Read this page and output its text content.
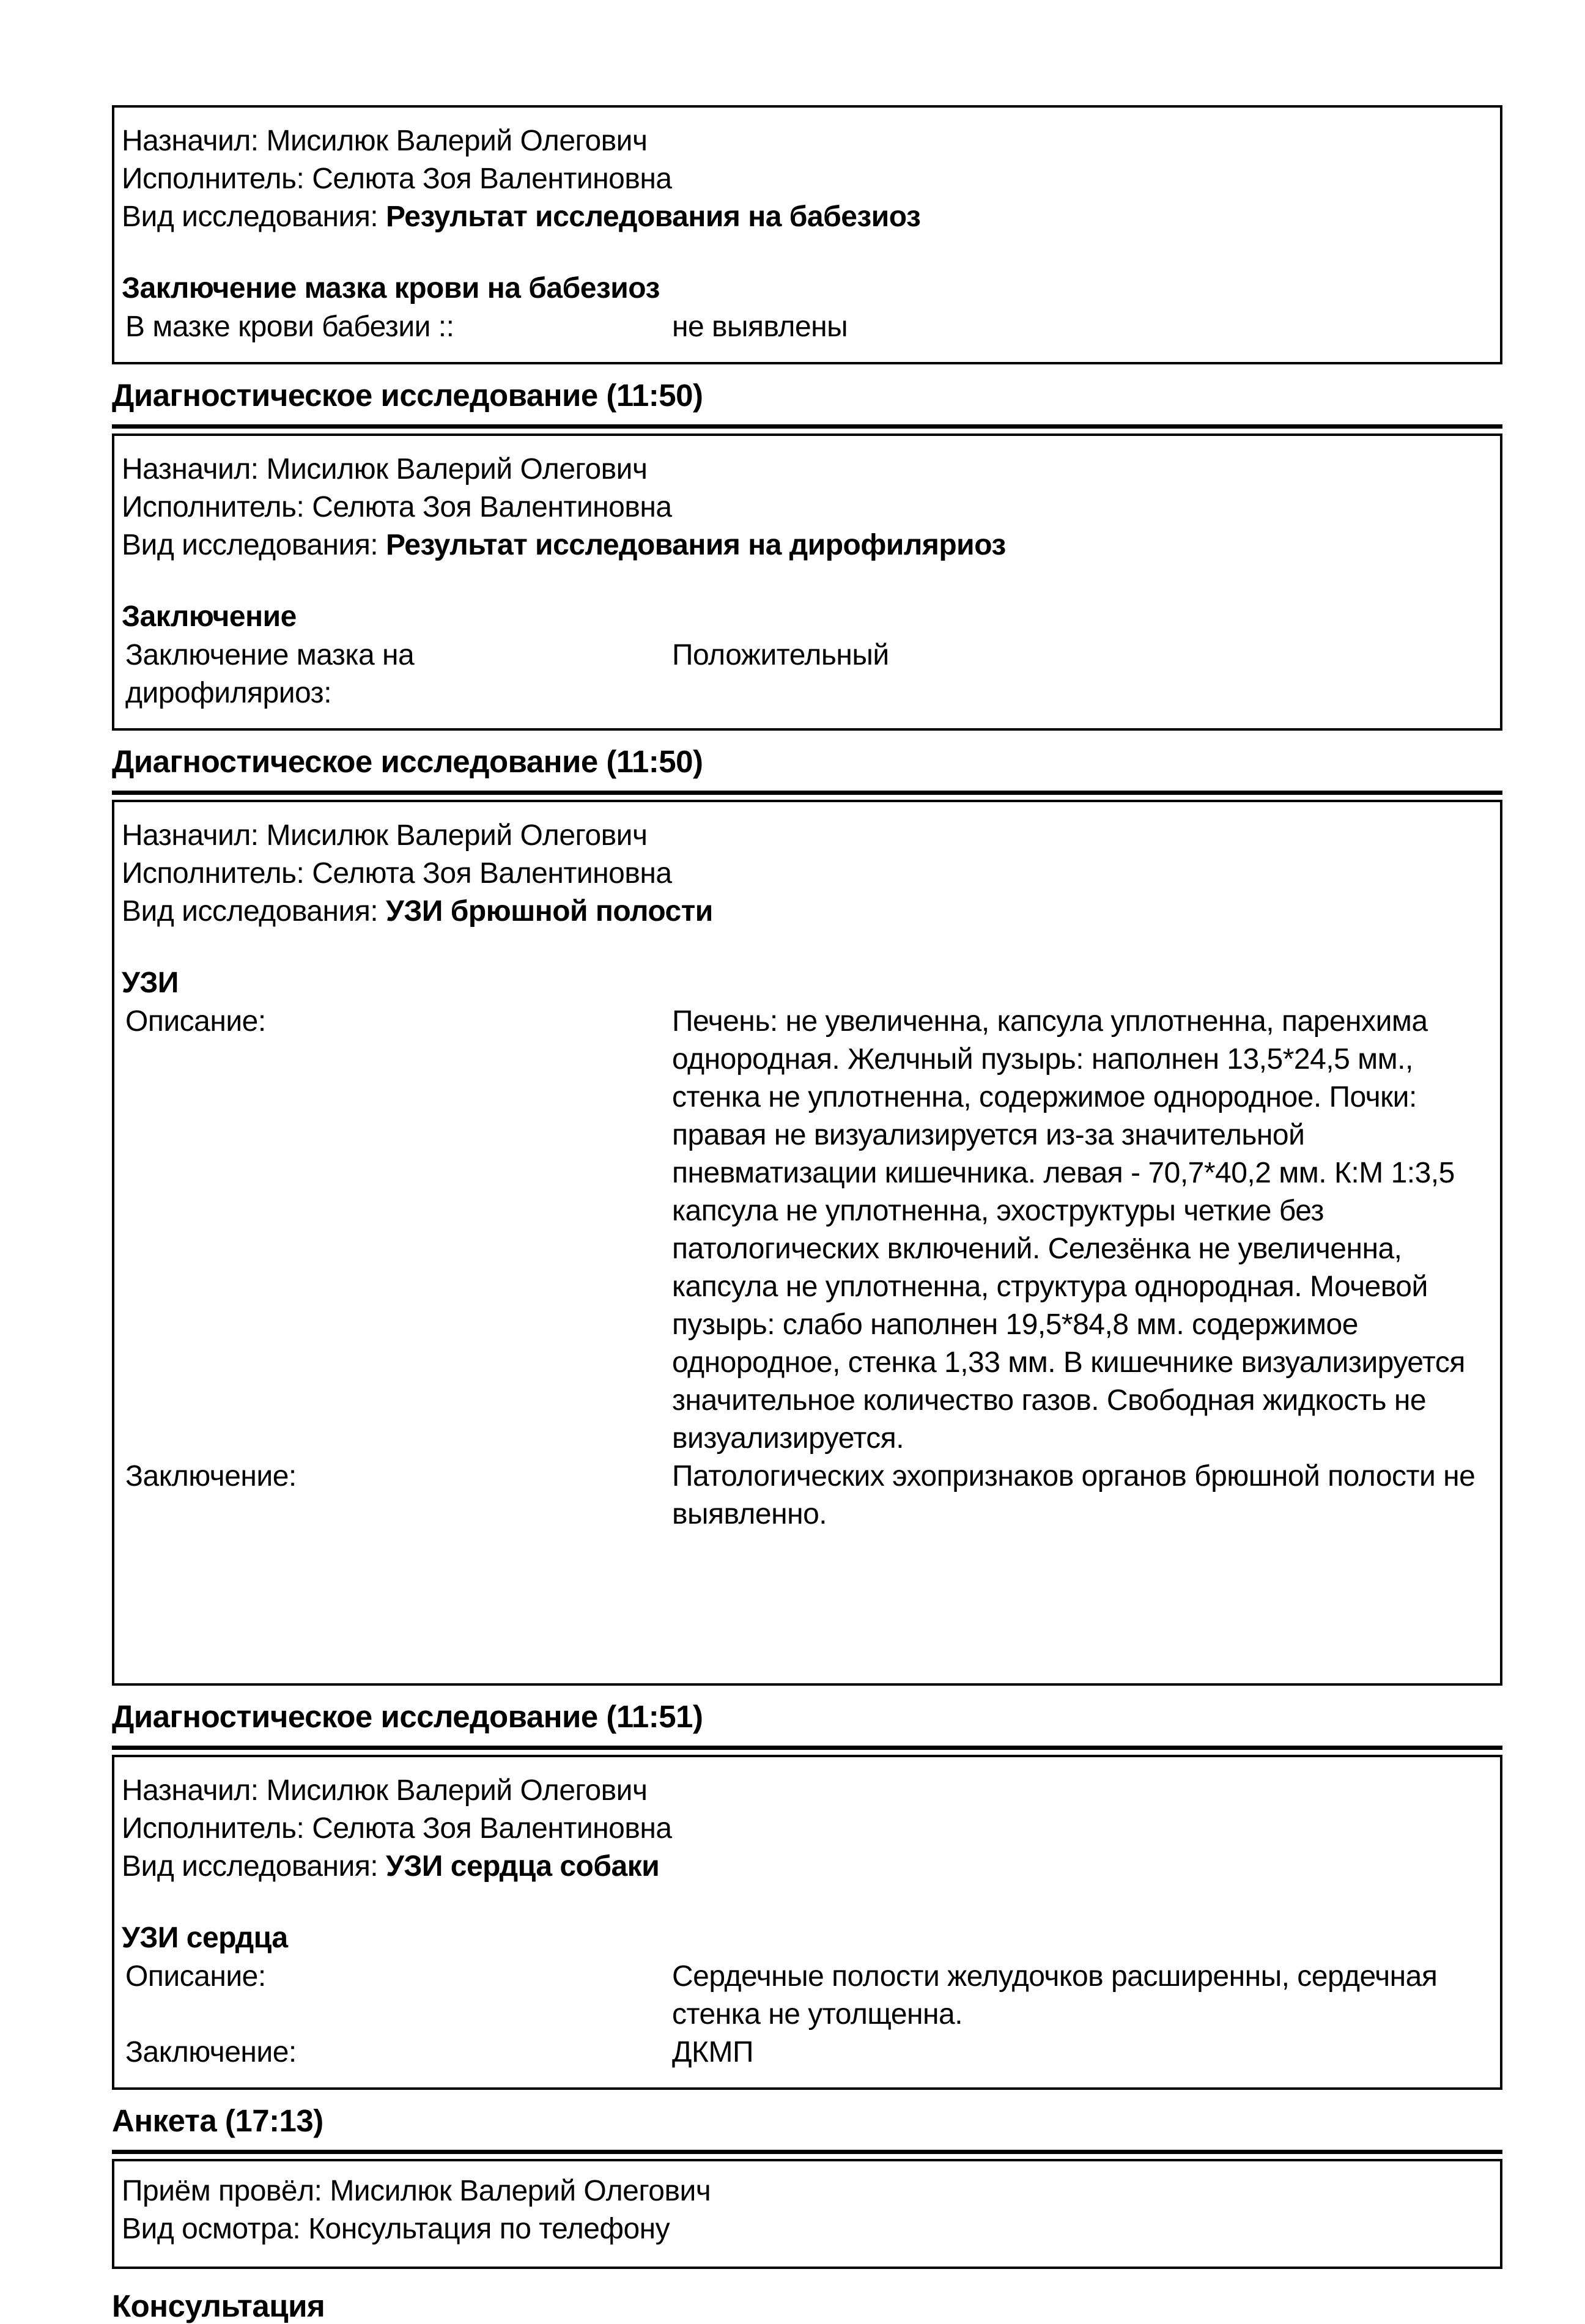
Назначил: Мисилюк Валерий Олегович

Исполнитель: Селюта Зоя Валентиновна

Вид исследования: Результат исследования на бабезиоз

Заключение мазка крови на бабезиоз
В мазке крови бабезии ::	не выявлены
Диагностическое исследование (11:50)

Назначил: Мисилюк Валерий Олегович

Исполнитель: Селюта Зоя Валентиновна

Вид исследования: Результат исследования на дирофиляриоз

Заключение
Заключение мазка на дирофиляриоз:
Положительный
Диагностическое исследование (11:50)

Назначил: Мисилюк Валерий Олегович

Исполнитель: Селюта Зоя Валентиновна

Вид исследования: УЗИ брюшной полости

УЗИ
Описание:	Печень: не увеличенна, капсула уплотненна, паренхима однородная. Желчный пузырь: наполнен 13,5*24,5 мм., стенка не уплотненна, содержимое однородное. Почки: правая не визуализируется из-за значительной пневматизации кишечника. левая - 70,7*40,2 мм. К:М 1:3,5 капсула не уплотненна, эхоструктуры четкие без патологических включений. Селезёнка не увеличенна, капсула не уплотненна, структура однородная. Мочевой пузырь: слабо наполнен 19,5*84,8 мм. содержимое однородное, стенка 1,33 мм. В кишечнике визуализируется значительное количество газов. Свободная жидкость не визуализируется.
Заключение:	Патологических эхопризнаков органов брюшной полости не выявленно.
Диагностическое исследование (11:51)

Назначил: Мисилюк Валерий Олегович

Исполнитель: Селюта Зоя Валентиновна

Вид исследования: УЗИ сердца собаки

УЗИ сердца
Описание:	Сердечные полости желудочков расширенны, сердечная стенка не утолщенна.
Заключение:	ДКМП
Анкета (17:13)

Приём провёл: Мисилюк Валерий Олегович

Вид осмотра: Консультация по телефону

Консультация
